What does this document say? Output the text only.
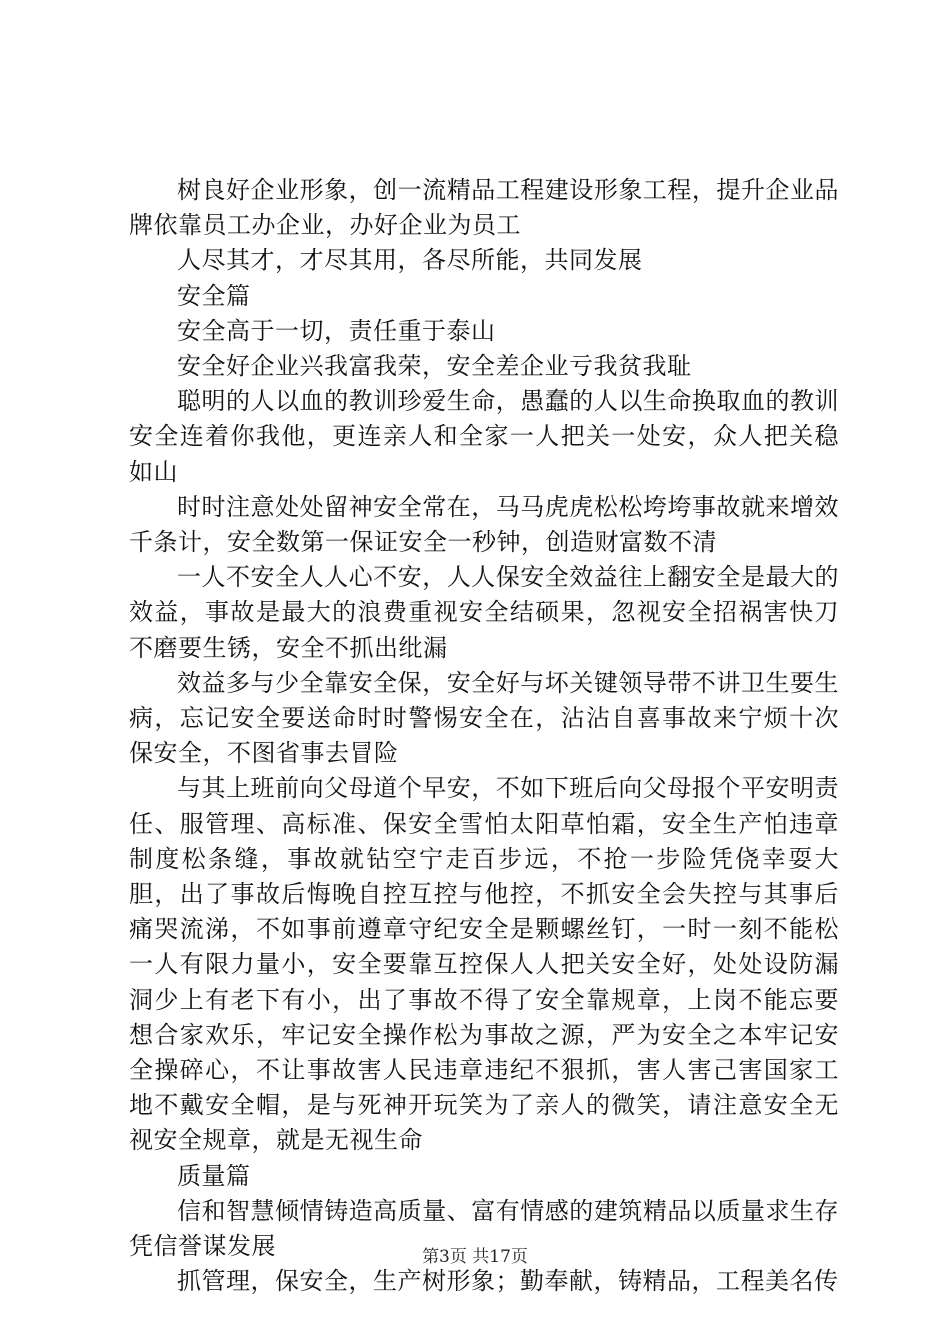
树良好企业形象，创一流精品工程建设形象工程，提升企业品牌依靠员工办企业，办好企业为员工

人尽其才，才尽其用，各尽所能，共同发展

安全篇

安全高于一切，责任重于泰山

安全好企业兴我富我荣，安全差企业亏我贫我耻

聪明的人以血的教训珍爱生命，愚蠢的人以生命换取血的教训安全连着你我他，更连亲人和全家一人把关一处安，众人把关稳如山

时时注意处处留神安全常在，马马虎虎松松垮垮事故就来增效千条计，安全数第一保证安全一秒钟，创造财富数不清

一人不安全人人心不安，人人保安全效益往上翻安全是最大的效益，事故是最大的浪费重视安全结硕果，忽视安全招祸害快刀不磨要生锈，安全不抓出纰漏

效益多与少全靠安全保，安全好与坏关键领导带不讲卫生要生病，忘记安全要送命时时警惕安全在，沾沾自喜事故来宁烦十次保安全，不图省事去冒险

与其上班前向父母道个早安，不如下班后向父母报个平安明责任、服管理、高标准、保安全雪怕太阳草怕霜，安全生产怕违章制度松条缝，事故就钻空宁走百步远，不抢一步险凭侥幸耍大胆，出了事故后悔晚自控互控与他控，不抓安全会失控与其事后痛哭流涕，不如事前遵章守纪安全是颗螺丝钉，一时一刻不能松一人有限力量小，安全要靠互控保人人把关安全好，处处设防漏洞少上有老下有小，出了事故不得了安全靠规章，上岗不能忘要想合家欢乐，牢记安全操作松为事故之源，严为安全之本牢记安全操碎心，不让事故害人民违章违纪不狠抓，害人害己害国家工地不戴安全帽，是与死神开玩笑为了亲人的微笑，请注意安全无视安全规章，就是无视生命

质量篇

信和智慧倾情铸造高质量、富有情感的建筑精品以质量求生存凭信誉谋发展

抓管理，保安全，生产树形象；勤奉献，铸精品，工程美名传

第3页 共17页
